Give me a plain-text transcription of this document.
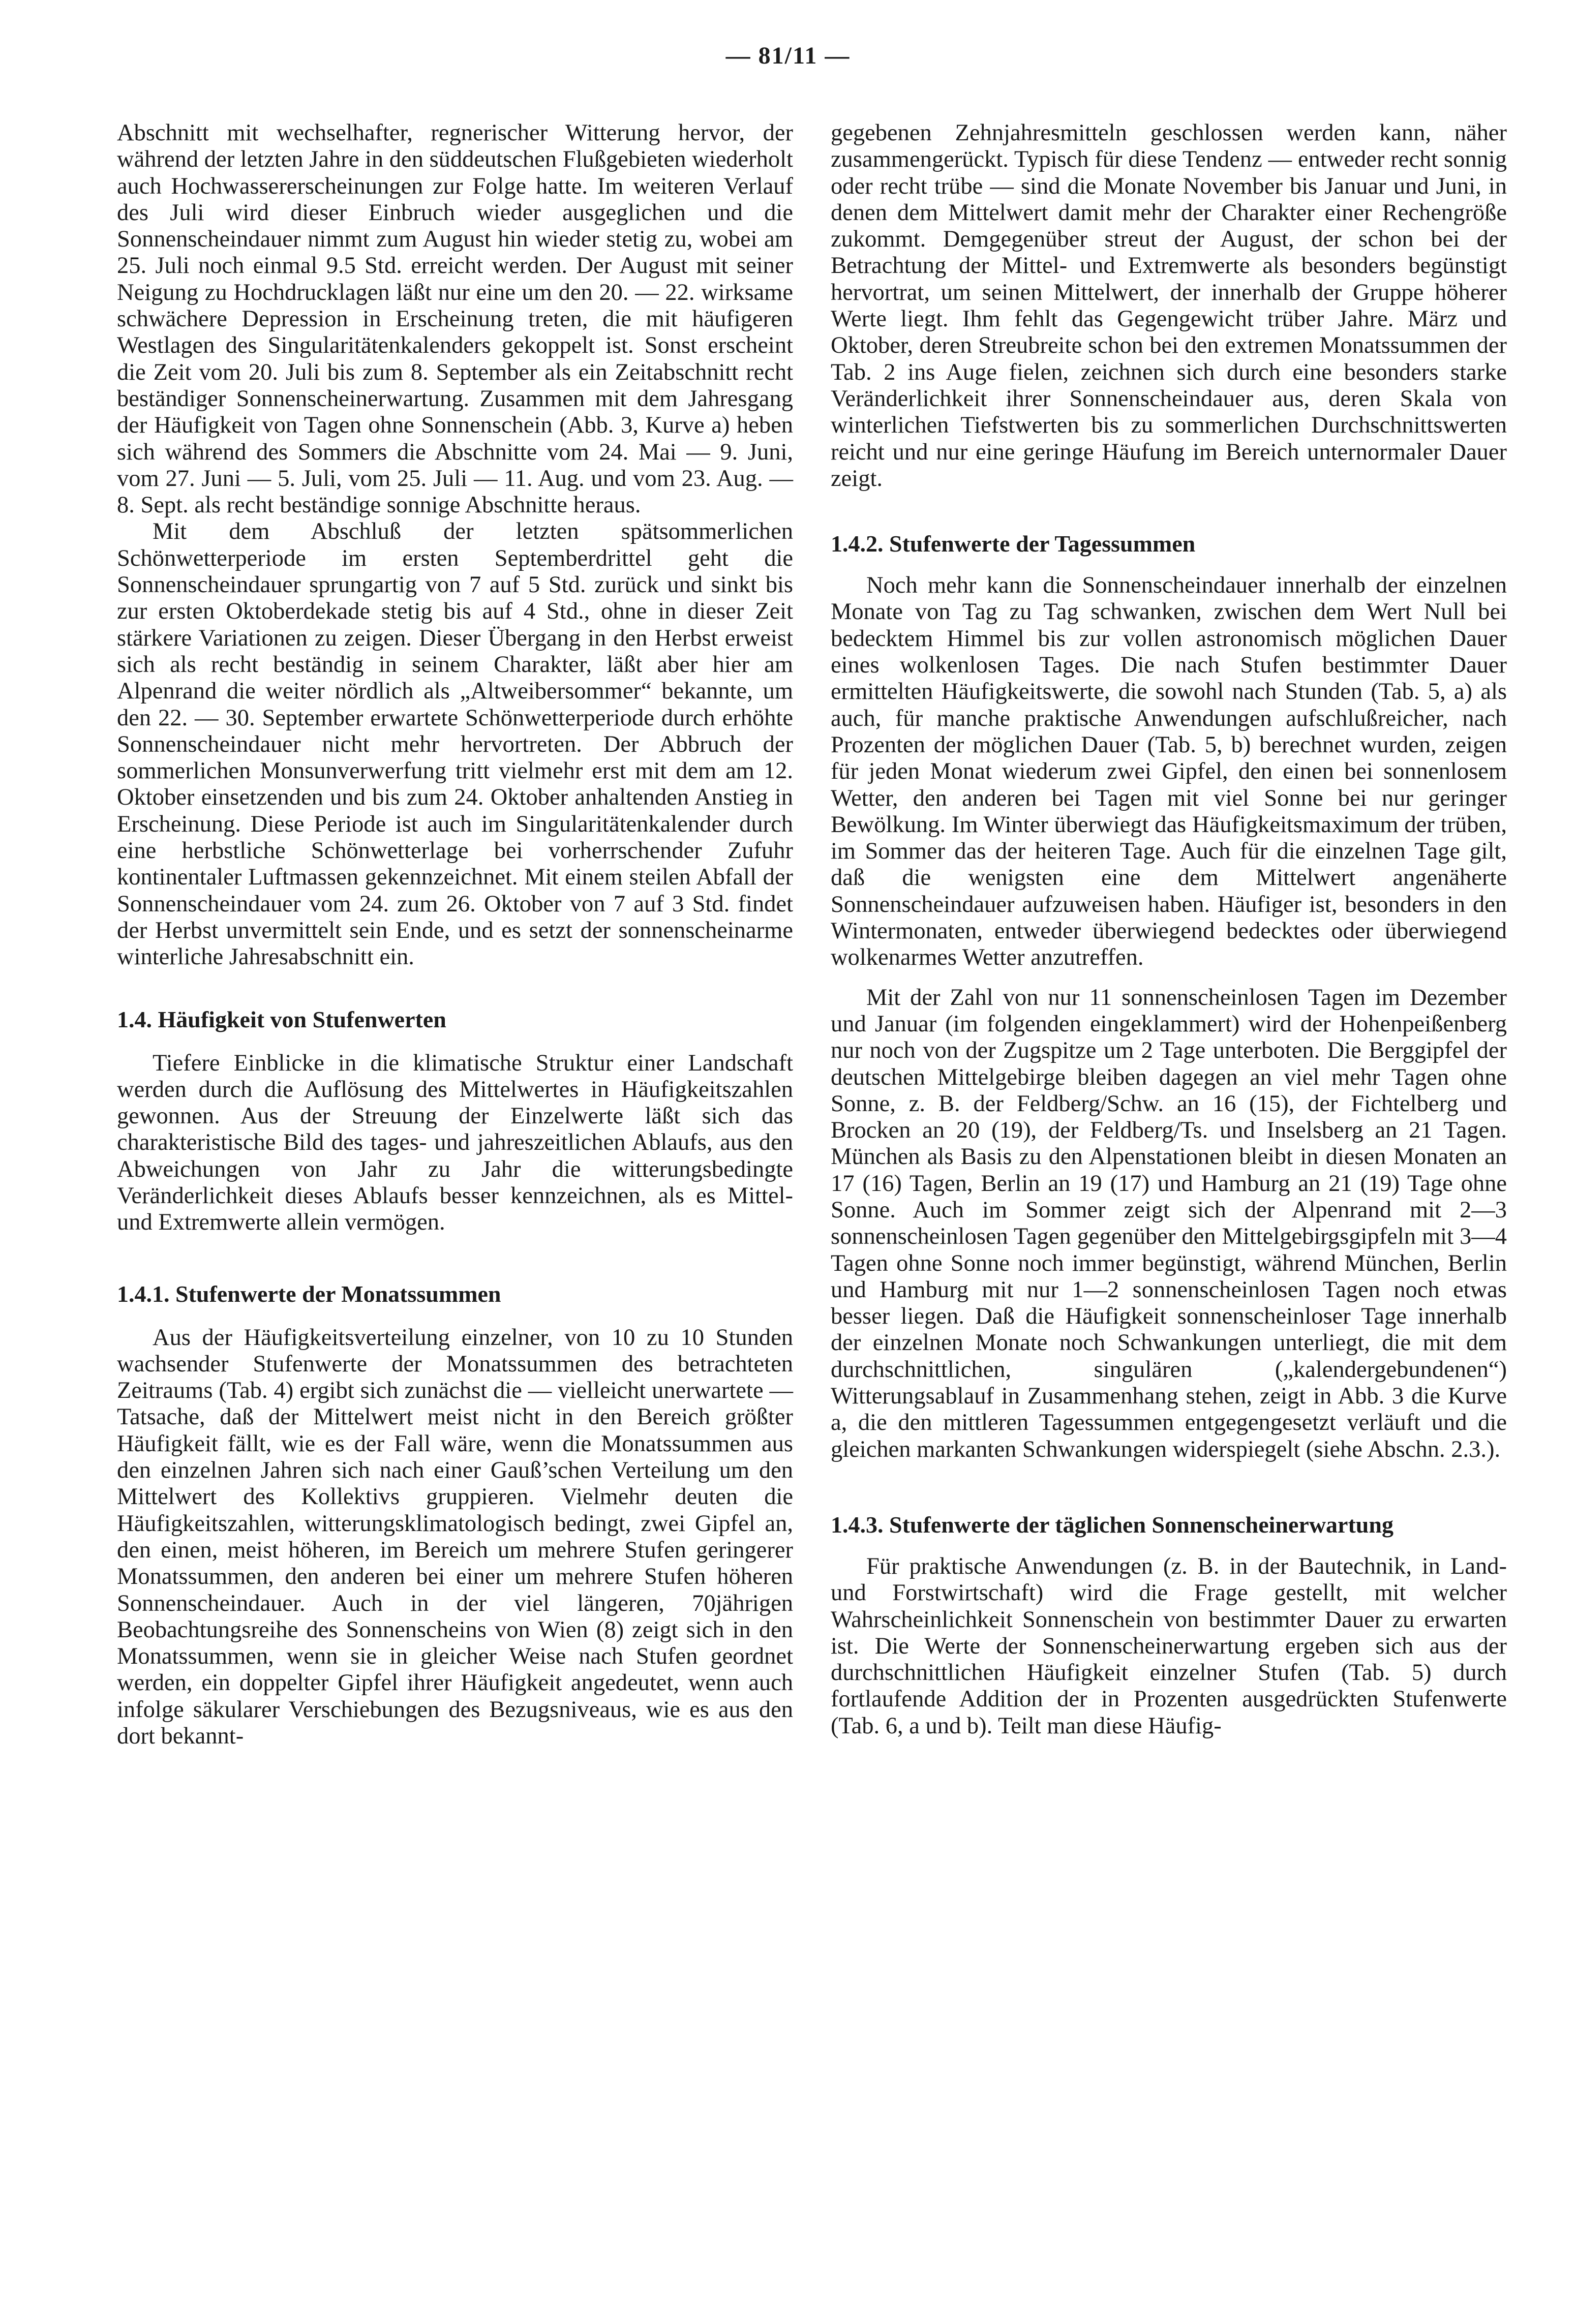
— 81/11 —

Abschnitt mit wechselhafter, regnerischer Witterung hervor, der während der letzten Jahre in den süddeutschen Flußgebieten wiederholt auch Hochwassererscheinungen zur Folge hatte. Im weiteren Verlauf des Juli wird dieser Einbruch wieder ausgeglichen und die Sonnenscheindauer nimmt zum August hin wieder stetig zu, wobei am 25. Juli noch einmal 9.5 Std. erreicht werden. Der August mit seiner Neigung zu Hochdrucklagen läßt nur eine um den 20. — 22. wirksame schwächere Depression in Erscheinung treten, die mit häufigeren Westlagen des Singularitätenkalenders gekoppelt ist. Sonst erscheint die Zeit vom 20. Juli bis zum 8. September als ein Zeitabschnitt recht beständiger Sonnenscheinerwartung. Zusammen mit dem Jahresgang der Häufigkeit von Tagen ohne Sonnenschein (Abb. 3, Kurve a) heben sich während des Sommers die Abschnitte vom 24. Mai — 9. Juni, vom 27. Juni — 5. Juli, vom 25. Juli — 11. Aug. und vom 23. Aug. — 8. Sept. als recht beständige sonnige Abschnitte heraus.

Mit dem Abschluß der letzten spätsommerlichen Schönwetterperiode im ersten Septemberdrittel geht die Sonnenscheindauer sprungartig von 7 auf 5 Std. zurück und sinkt bis zur ersten Oktoberdekade stetig bis auf 4 Std., ohne in dieser Zeit stärkere Variationen zu zeigen. Dieser Übergang in den Herbst erweist sich als recht beständig in seinem Charakter, läßt aber hier am Alpenrand die weiter nördlich als „Altweibersommer“ bekannte, um den 22. — 30. September erwartete Schönwetterperiode durch erhöhte Sonnenscheindauer nicht mehr hervortreten. Der Abbruch der sommerlichen Monsunverwerfung tritt vielmehr erst mit dem am 12. Oktober einsetzenden und bis zum 24. Oktober anhaltenden Anstieg in Erscheinung. Diese Periode ist auch im Singularitätenkalender durch eine herbstliche Schönwetterlage bei vorherrschender Zufuhr kontinentaler Luftmassen gekennzeichnet. Mit einem steilen Abfall der Sonnenscheindauer vom 24. zum 26. Oktober von 7 auf 3 Std. findet der Herbst unvermittelt sein Ende, und es setzt der sonnenscheinarme winterliche Jahresabschnitt ein.

1.4. Häufigkeit von Stufenwerten

Tiefere Einblicke in die klimatische Struktur einer Landschaft werden durch die Auflösung des Mittelwertes in Häufigkeitszahlen gewonnen. Aus der Streuung der Einzelwerte läßt sich das charakteristische Bild des tages- und jahreszeitlichen Ablaufs, aus den Abweichungen von Jahr zu Jahr die witterungsbedingte Veränderlichkeit dieses Ablaufs besser kennzeichnen, als es Mittel- und Extremwerte allein vermögen.

1.4.1. Stufenwerte der Monatssummen

Aus der Häufigkeitsverteilung einzelner, von 10 zu 10 Stunden wachsender Stufenwerte der Monatssummen des betrachteten Zeitraums (Tab. 4) ergibt sich zunächst die — vielleicht unerwartete — Tatsache, daß der Mittelwert meist nicht in den Bereich größter Häufigkeit fällt, wie es der Fall wäre, wenn die Monatssummen aus den einzelnen Jahren sich nach einer Gauß’schen Verteilung um den Mittelwert des Kollektivs gruppieren. Vielmehr deuten die Häufigkeitszahlen, witterungsklimatologisch bedingt, zwei Gipfel an, den einen, meist höheren, im Bereich um mehrere Stufen geringerer Monatssummen, den anderen bei einer um mehrere Stufen höheren Sonnenscheindauer. Auch in der viel längeren, 70jährigen Beobachtungsreihe des Sonnenscheins von Wien (8) zeigt sich in den Monatssummen, wenn sie in gleicher Weise nach Stufen geordnet werden, ein doppelter Gipfel ihrer Häufigkeit angedeutet, wenn auch infolge säkularer Verschiebungen des Bezugsniveaus, wie es aus den dort bekannt-

gegebenen Zehnjahresmitteln geschlossen werden kann, näher zusammengerückt. Typisch für diese Tendenz — entweder recht sonnig oder recht trübe — sind die Monate November bis Januar und Juni, in denen dem Mittelwert damit mehr der Charakter einer Rechengröße zukommt. Demgegenüber streut der August, der schon bei der Betrachtung der Mittel- und Extremwerte als besonders begünstigt hervortrat, um seinen Mittelwert, der innerhalb der Gruppe höherer Werte liegt. Ihm fehlt das Gegengewicht trüber Jahre. März und Oktober, deren Streubreite schon bei den extremen Monatssummen der Tab. 2 ins Auge fielen, zeichnen sich durch eine besonders starke Veränderlichkeit ihrer Sonnenscheindauer aus, deren Skala von winterlichen Tiefstwerten bis zu sommerlichen Durchschnittswerten reicht und nur eine geringe Häufung im Bereich unternormaler Dauer zeigt.

1.4.2. Stufenwerte der Tagessummen

Noch mehr kann die Sonnenscheindauer innerhalb der einzelnen Monate von Tag zu Tag schwanken, zwischen dem Wert Null bei bedecktem Himmel bis zur vollen astronomisch möglichen Dauer eines wolkenlosen Tages. Die nach Stufen bestimmter Dauer ermittelten Häufigkeitswerte, die sowohl nach Stunden (Tab. 5, a) als auch, für manche praktische Anwendungen aufschlußreicher, nach Prozenten der möglichen Dauer (Tab. 5, b) berechnet wurden, zeigen für jeden Monat wiederum zwei Gipfel, den einen bei sonnenlosem Wetter, den anderen bei Tagen mit viel Sonne bei nur geringer Bewölkung. Im Winter überwiegt das Häufigkeitsmaximum der trüben, im Sommer das der heiteren Tage. Auch für die einzelnen Tage gilt, daß die wenigsten eine dem Mittelwert angenäherte Sonnenscheindauer aufzuweisen haben. Häufiger ist, besonders in den Wintermonaten, entweder überwiegend bedecktes oder überwiegend wolkenarmes Wetter anzutreffen.

Mit der Zahl von nur 11 sonnenscheinlosen Tagen im Dezember und Januar (im folgenden eingeklammert) wird der Hohenpeißenberg nur noch von der Zugspitze um 2 Tage unterboten. Die Berggipfel der deutschen Mittelgebirge bleiben dagegen an viel mehr Tagen ohne Sonne, z. B. der Feldberg/Schw. an 16 (15), der Fichtelberg und Brocken an 20 (19), der Feldberg/Ts. und Inselsberg an 21 Tagen. München als Basis zu den Alpenstationen bleibt in diesen Monaten an 17 (16) Tagen, Berlin an 19 (17) und Hamburg an 21 (19) Tage ohne Sonne. Auch im Sommer zeigt sich der Alpenrand mit 2—3 sonnenscheinlosen Tagen gegenüber den Mittelgebirgsgipfeln mit 3—4 Tagen ohne Sonne noch immer begünstigt, während München, Berlin und Hamburg mit nur 1—2 sonnenscheinlosen Tagen noch etwas besser liegen. Daß die Häufigkeit sonnenscheinloser Tage innerhalb der einzelnen Monate noch Schwankungen unterliegt, die mit dem durchschnittlichen, singulären („kalendergebundenen“) Witterungsablauf in Zusammenhang stehen, zeigt in Abb. 3 die Kurve a, die den mittleren Tagessummen entgegengesetzt verläuft und die gleichen markanten Schwankungen widerspiegelt (siehe Abschn. 2.3.).

1.4.3. Stufenwerte der täglichen Sonnenscheinerwartung

Für praktische Anwendungen (z. B. in der Bautechnik, in Land- und Forstwirtschaft) wird die Frage gestellt, mit welcher Wahrscheinlichkeit Sonnenschein von bestimmter Dauer zu erwarten ist. Die Werte der Sonnenscheinerwartung ergeben sich aus der durchschnittlichen Häufigkeit einzelner Stufen (Tab. 5) durch fortlaufende Addition der in Prozenten ausgedrückten Stufenwerte (Tab. 6, a und b). Teilt man diese Häufig-
